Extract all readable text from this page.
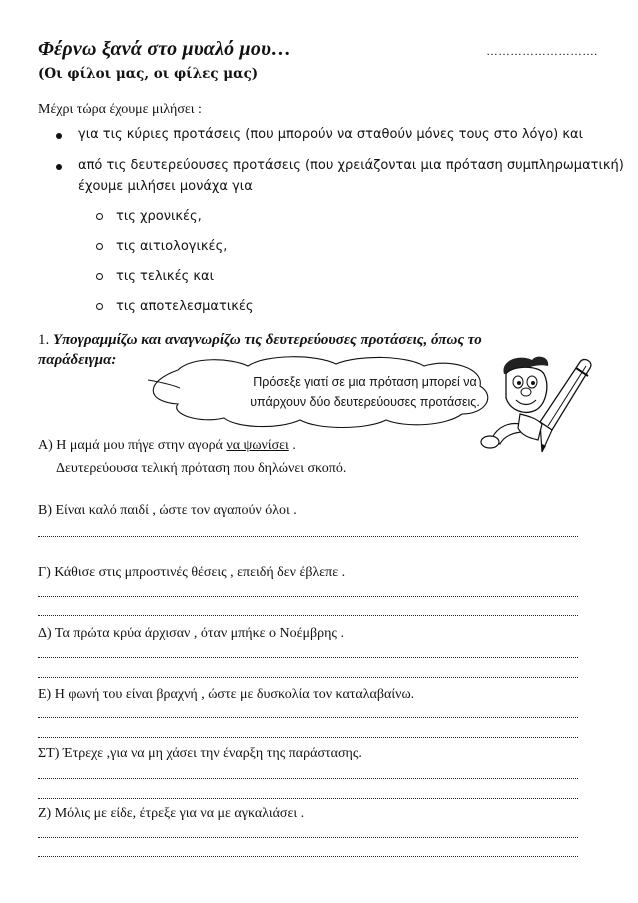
Φέρνω ξανά στο μυαλό μου…	……………………….
(Οι φίλοι μας, οι φίλες μας)
Μέχρι τώρα έχουμε μιλήσει :
για τις κύριες προτάσεις (που μπορούν να σταθούν μόνες τους στο λόγο) και
από τις δευτερεύουσες προτάσεις (που χρειάζονται μια πρόταση συμπληρωματική)
έχουμε μιλήσει μονάχα για
τις χρονικές,
τις αιτιολογικές,
τις τελικές και
τις αποτελεσματικές
1. Υπογραμμίζω και αναγνωρίζω τις δευτερεύουσες προτάσεις, όπως το παράδειγμα:
Πρόσεξε γιατί σε μια πρόταση μπορεί να
υπάρχουν δύο δευτερεύουσες προτάσεις.
Α) Η μαμά μου πήγε στην αγορά να ψωνίσει .
Δευτερεύουσα τελική πρόταση που δηλώνει σκοπό.
Β) Είναι καλό παιδί , ώστε τον αγαπούν όλοι .
Γ) Κάθισε στις μπροστινές θέσεις , επειδή δεν έβλεπε .
Δ) Τα πρώτα κρύα άρχισαν , όταν μπήκε ο Νοέμβρης .
Ε) Η φωνή του είναι βραχνή , ώστε με δυσκολία τον καταλαβαίνω.
ΣΤ) Έτρεχε ,για να μη χάσει την έναρξη της παράστασης.
Ζ) Μόλις με είδε, έτρεξε για να με αγκαλιάσει .
